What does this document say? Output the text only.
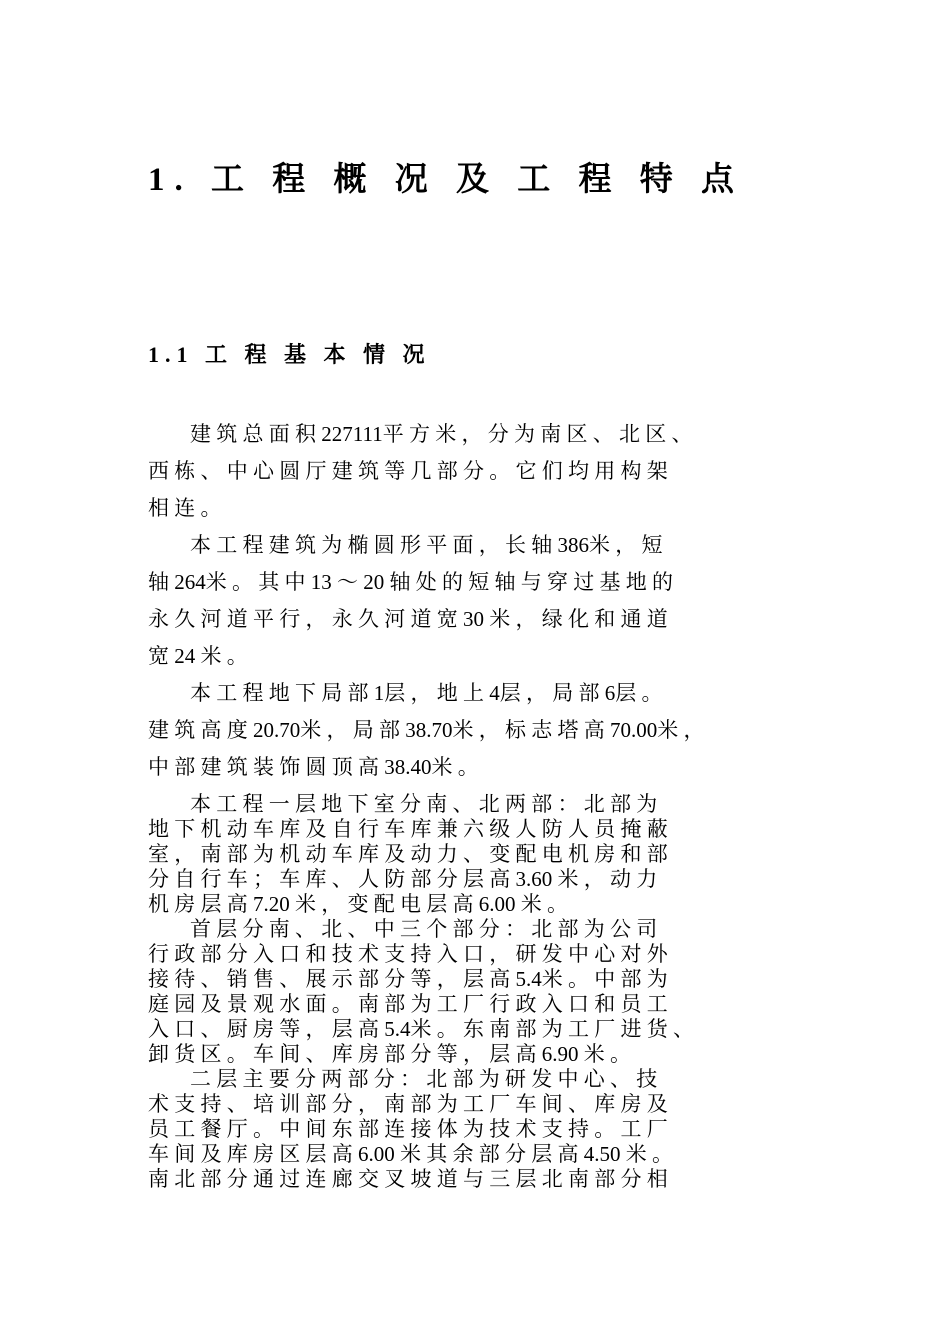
1. 工 程 概 况 及 工 程 特 点
1.1 工 程 基 本 情 况

　　建 筑 总 面 积 227111平 方 米 ， 分 为 南 区 、 北 区 、

西 栋 、 中 心 圆 厅 建 筑 等 几 部 分 。 它 们 均 用 构 架

相 连 。

　　本 工 程 建 筑 为 椭 圆 形 平 面 ， 长 轴 386米 ， 短

轴 264米 。 其 中 13 ～ 20 轴 处 的 短 轴 与 穿 过 基 地 的

永 久 河 道 平 行 ， 永 久 河 道 宽 30 米 ， 绿 化 和 通 道

宽 24 米 。

　　本 工 程 地 下 局 部 1层 ， 地 上 4层 ， 局 部 6层 。

建 筑 高 度 20.70米 ， 局 部 38.70米 ， 标 志 塔 高 70.00米 ，

中 部 建 筑 装 饰 圆 顶 高 38.40米 。

　　本 工 程 一 层 地 下 室 分 南 、 北 两 部 ： 北 部 为

地 下 机 动 车 库 及 自 行 车 库 兼 六 级 人 防 人 员 掩 蔽

室 ， 南 部 为 机 动 车 库 及 动 力 、 变 配 电 机 房 和 部

分 自 行 车 ； 车 库 、 人 防 部 分 层 高 3.60 米 ， 动 力

机 房 层 高 7.20 米 ， 变 配 电 层 高 6.00 米 。

　　首 层 分 南 、 北 、 中 三 个 部 分 ： 北 部 为 公 司

行 政 部 分 入 口 和 技 术 支 持 入 口 ， 研 发 中 心 对 外

接 待 、 销 售 、 展 示 部 分 等 ， 层 高 5.4米 。 中 部 为

庭 园 及 景 观 水 面 。 南 部 为 工 厂 行 政 入 口 和 员 工

入 口 、 厨 房 等 ， 层 高 5.4米 。 东 南 部 为 工 厂 进 货 、

卸 货 区 。 车 间 、 库 房 部 分 等 ， 层 高 6.90 米 。

　　二 层 主 要 分 两 部 分 ： 北 部 为 研 发 中 心 、 技

术 支 持 、 培 训 部 分 ， 南 部 为 工 厂 车 间 、 库 房 及

员 工 餐 厅 。 中 间 东 部 连 接 体 为 技 术 支 持 。 工 厂

车 间 及 库 房 区 层 高 6.00 米 其 余 部 分 层 高 4.50 米 。

南 北 部 分 通 过 连 廊 交 叉 坡 道 与 三 层 北 南 部 分 相
